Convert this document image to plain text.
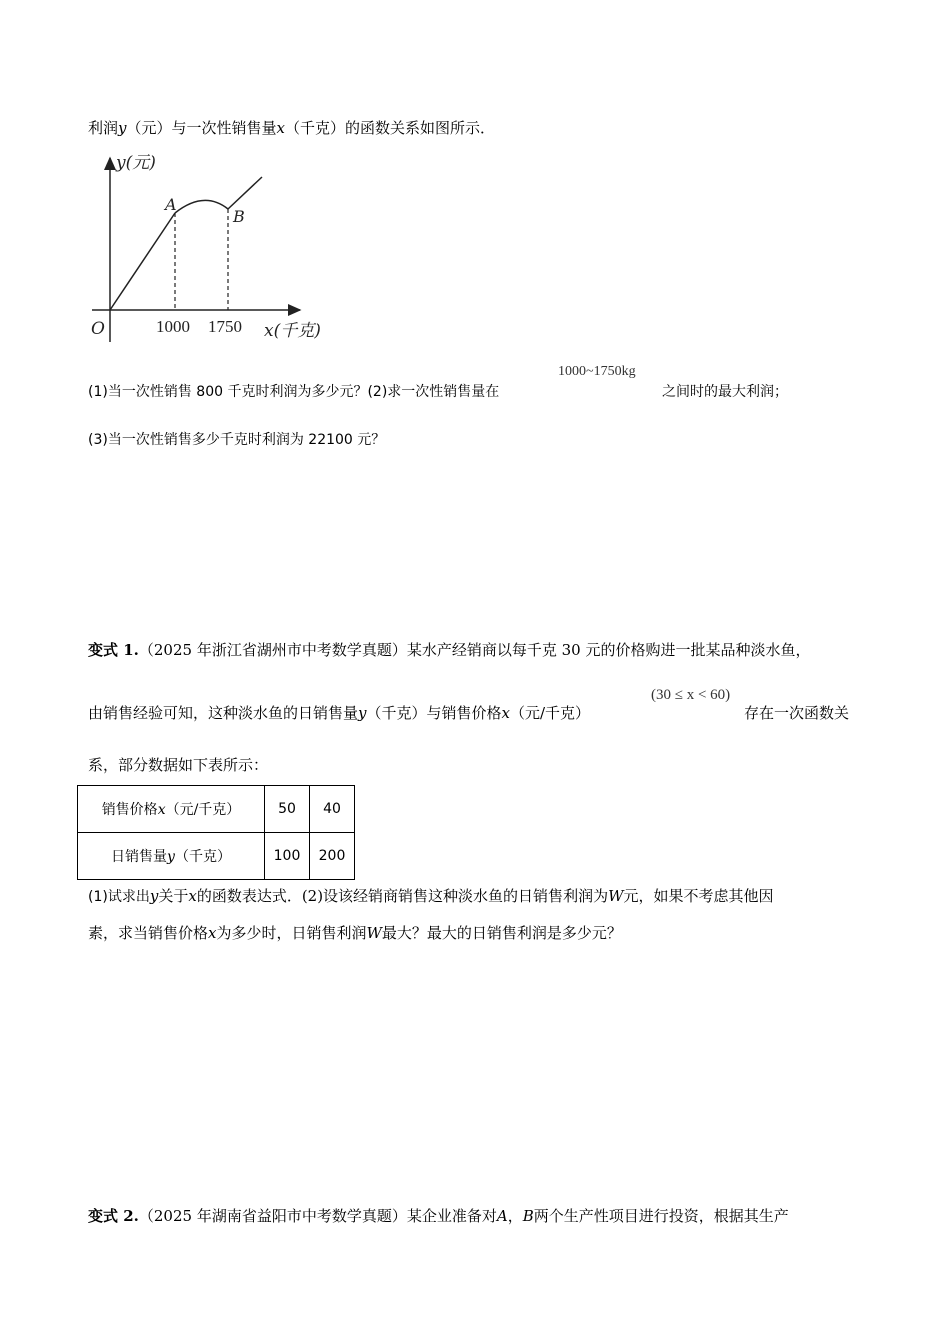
利润y（元）与一次性销售量x（千克）的函数关系如图所示．
y(元)
x(千克)
O
A
B
1000 1750
(1)当一次性销售 800 千克时利润为多少元？(2)求一次性销售量在
1000~1750kg
之间时的最大利润；
(3)当一次性销售多少千克时利润为 22100 元？
变式 1.（2025 年浙江省湖州市中考数学真题）某水产经销商以每千克 30 元的价格购进一批某品种淡水鱼，
由销售经验可知，这种淡水鱼的日销售量y（千克）与销售价格x（元/千克）
(30 ≤ x < 60)
存在一次函数关
系，部分数据如下表所示：
销售价格x（元/千克）	50	40
日销售量y（千克）	100	200
(1)试求出y关于x的函数表达式．(2)设该经销商销售这种淡水鱼的日销售利润为W元，如果不考虑其他因
素，求当销售价格x为多少时，日销售利润W最大？最大的日销售利润是多少元？
变式 2.（2025 年湖南省益阳市中考数学真题）某企业准备对A，B两个生产性项目进行投资，根据其生产
